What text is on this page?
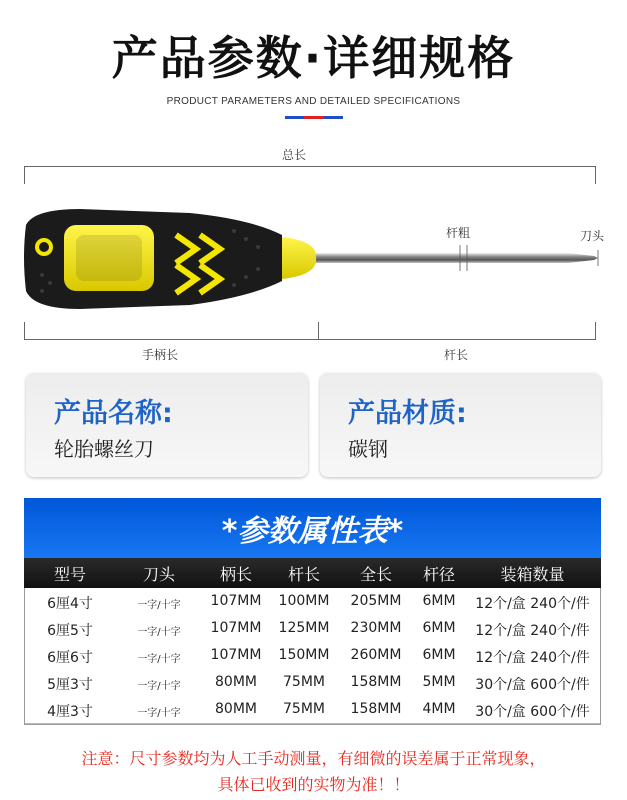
产品参数·详细规格
PRODUCT PARAMETERS AND DETAILED SPECIFICATIONS
总长
杆粗	刀头
手柄长	杆长
产品名称:
轮胎螺丝刀
产品材质:
碳钢
*参数属性表*
型号	刀头	柄长	杆长	全长	杆径	装箱数量
6厘4寸	一字/十字	107MM	100MM	205MM	6MM	12个/盒 240个/件
6厘5寸	一字/十字	107MM	125MM	230MM	6MM	12个/盒 240个/件
6厘6寸	一字/十字	107MM	150MM	260MM	6MM	12个/盒 240个/件
5厘3寸	一字/十字	80MM	75MM	158MM	5MM	30个/盒 600个/件
4厘3寸	一字/十字	80MM	75MM	158MM	4MM	30个/盒 600个/件
注意：尺寸参数均为人工手动测量，有细微的误差属于正常现象，
具体已收到的实物为准！！
